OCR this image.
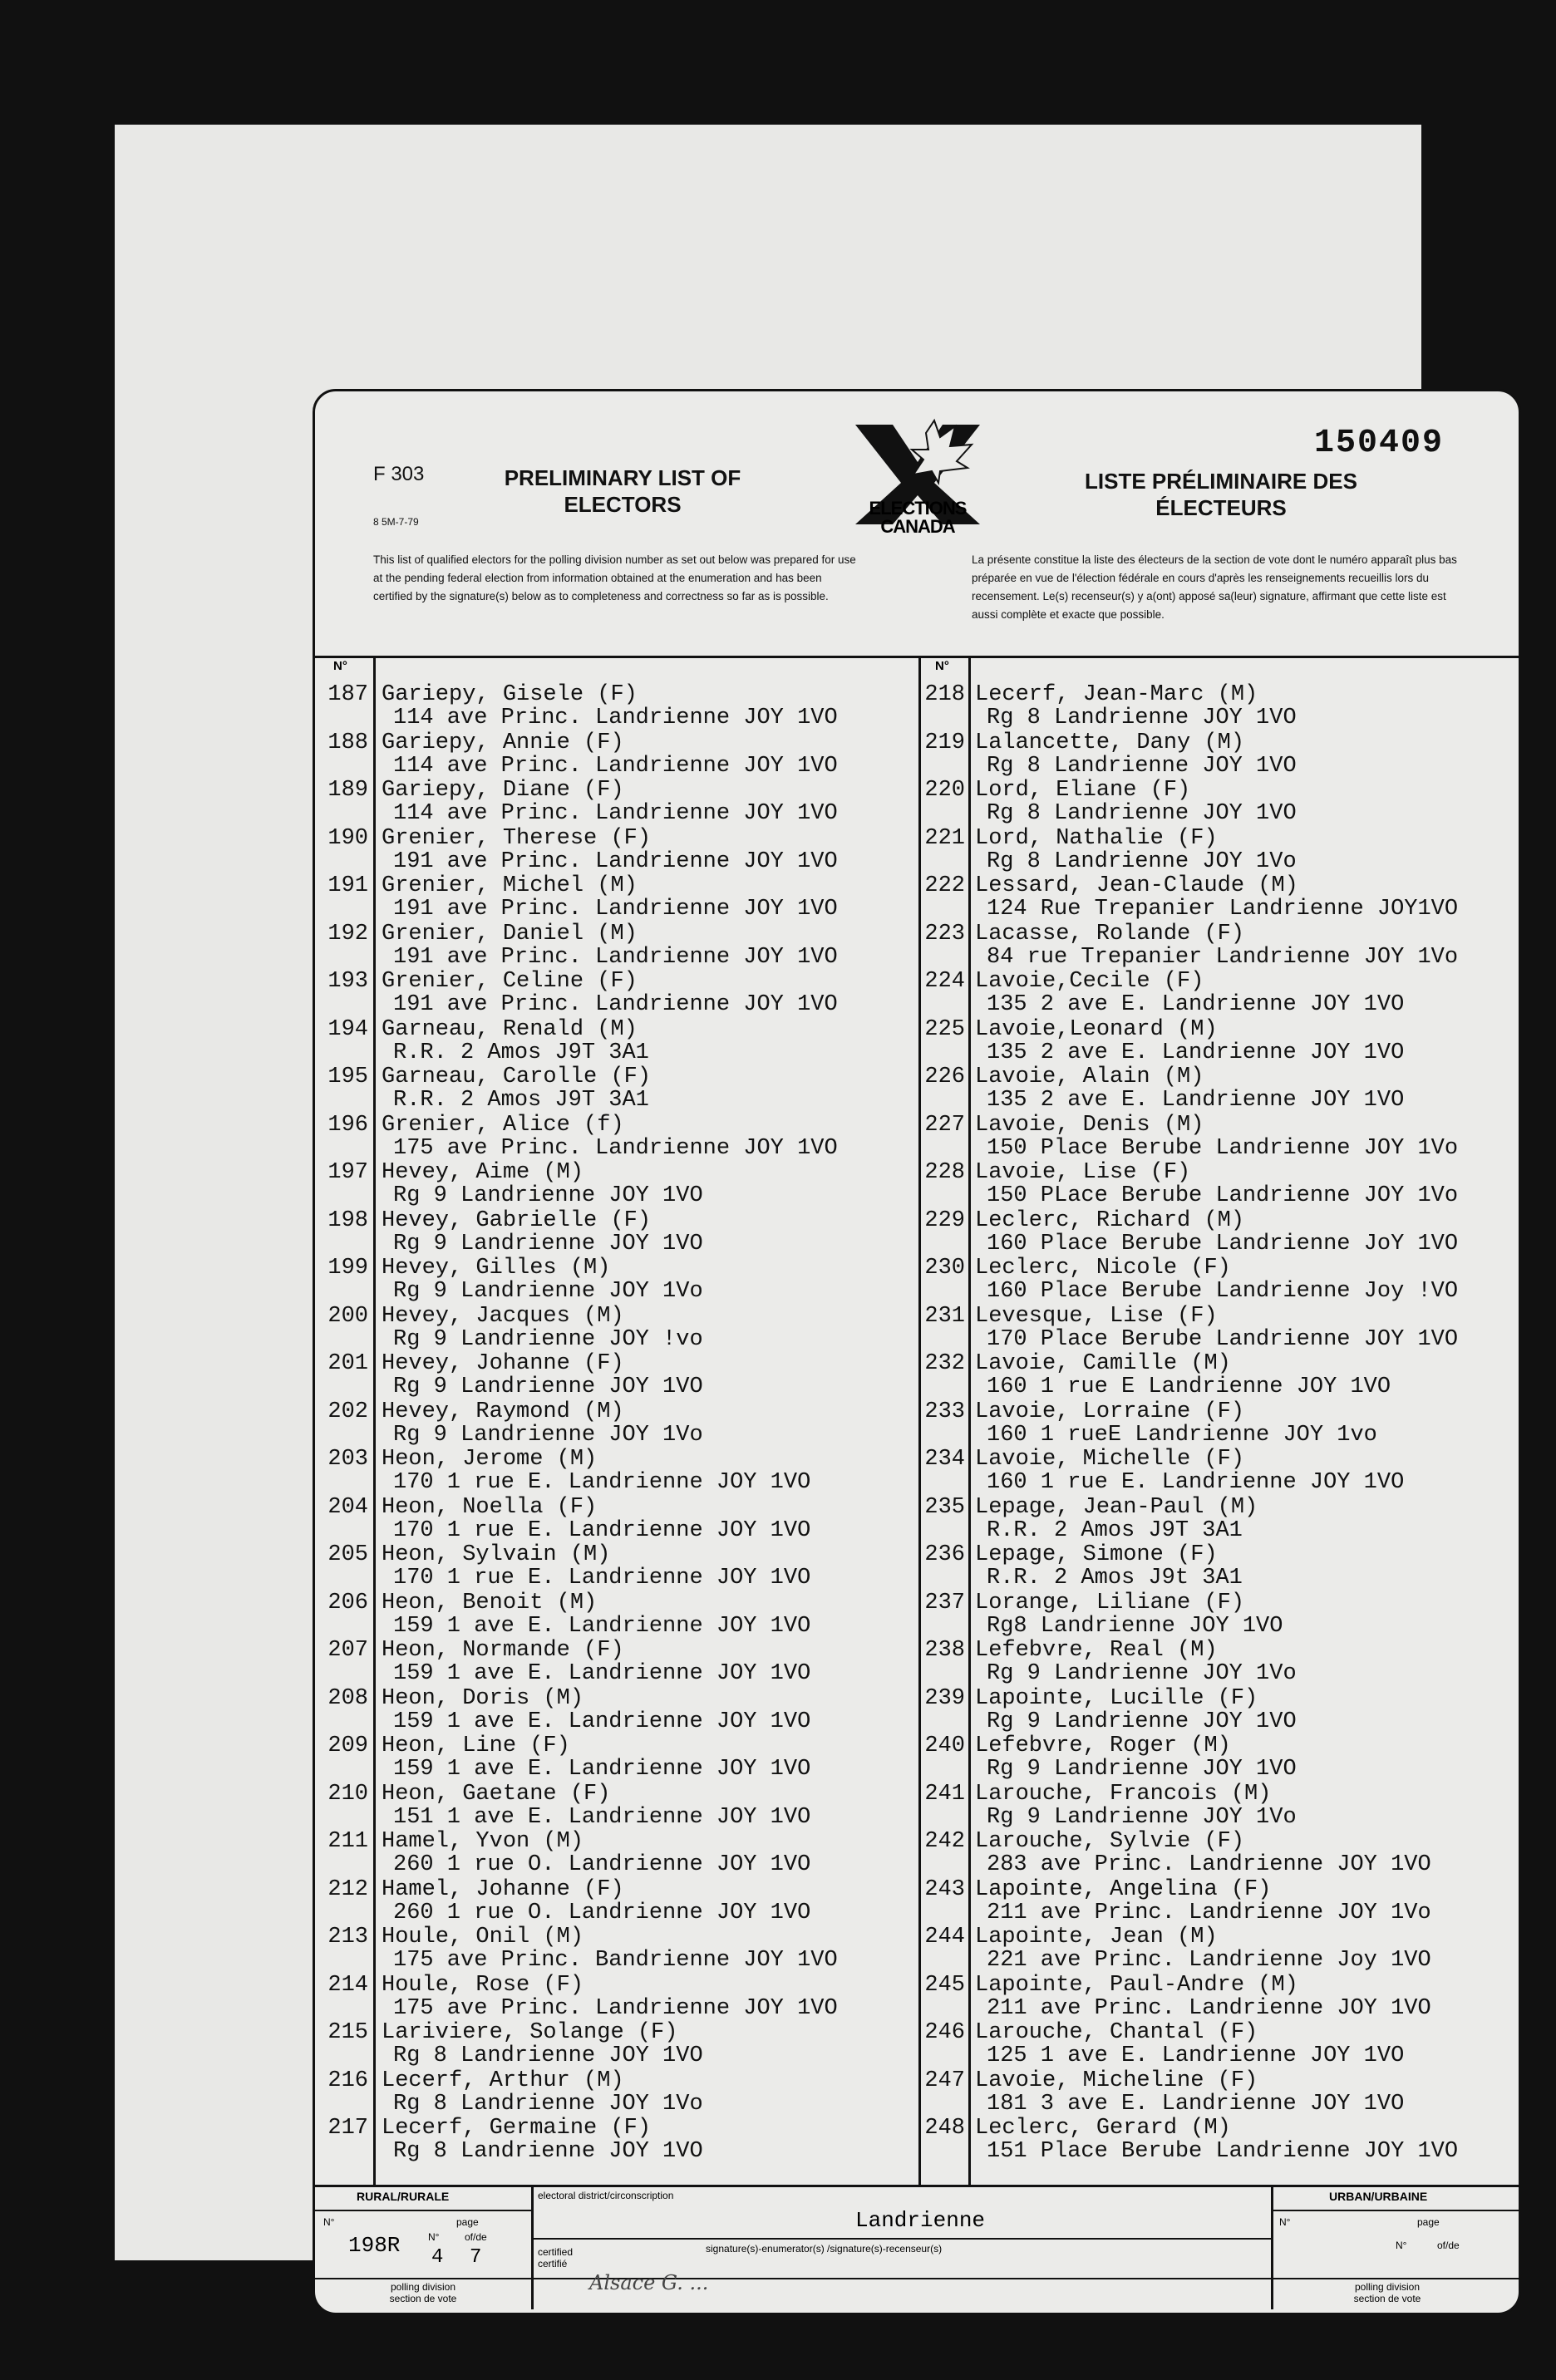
F 303
8 5M-7-79
PRELIMINARY LIST OF ELECTORS
LISTE PRÉLIMINAIRE DES ÉLECTEURS
150409
ELECTIONS
CANADA
This list of qualified electors for the polling division number as set out below was prepared for use at the pending federal election from information obtained at the enumeration and has been certified by the signature(s) below as to completeness and correctness so far as is possible.
La présente constitue la liste des électeurs de la section de vote dont le numéro apparaît plus bas préparée en vue de l'élection fédérale en cours d'après les renseignements recueillis lors du recensement. Le(s) recenseur(s) y a(ont) apposé sa(leur) signature, affirmant que cette liste est aussi complète et exacte que possible.
N°	N°
187 Gariepy, Gisele (F)
114 ave Princ. Landrienne JOY 1VO
188 Gariepy, Annie (F)
114 ave Princ. Landrienne JOY 1VO
189 Gariepy, Diane (F)
114 ave Princ. Landrienne JOY 1VO
190 Grenier, Therese (F)
191 ave Princ. Landrienne JOY 1VO
191 Grenier, Michel (M)
191 ave Princ. Landrienne JOY 1VO
192 Grenier, Daniel (M)
191 ave Princ. Landrienne JOY 1VO
193 Grenier, Celine (F)
191 ave Princ. Landrienne JOY 1VO
194 Garneau, Renald (M)
R.R. 2 Amos J9T 3A1
195 Garneau, Carolle (F)
R.R. 2 Amos J9T 3A1
196 Grenier, Alice (f)
175 ave Princ. Landrienne JOY 1VO
197 Hevey, Aime (M)
Rg 9 Landrienne JOY 1VO
198 Hevey, Gabrielle (F)
Rg 9 Landrienne JOY 1VO
199 Hevey, Gilles (M)
Rg 9 Landrienne JOY 1Vo
200 Hevey, Jacques (M)
Rg 9 Landrienne JOY !vo
201 Hevey, Johanne (F)
Rg 9 Landrienne JOY 1VO
202 Hevey, Raymond (M)
Rg 9 Landrienne JOY 1Vo
203 Heon, Jerome (M)
170 1 rue E. Landrienne JOY 1VO
204 Heon, Noella (F)
170 1 rue E. Landrienne JOY 1VO
205 Heon, Sylvain (M)
170 1 rue E. Landrienne JOY 1VO
206 Heon, Benoit (M)
159 1 ave E. Landrienne JOY 1VO
207 Heon, Normande (F)
159 1 ave E. Landrienne JOY 1VO
208 Heon, Doris (M)
159 1 ave E. Landrienne JOY 1VO
209 Heon, Line (F)
159 1 ave E. Landrienne JOY 1VO
210 Heon, Gaetane (F)
151 1 ave E. Landrienne JOY 1VO
211 Hamel, Yvon (M)
260 1 rue O. Landrienne JOY 1VO
212 Hamel, Johanne (F)
260 1 rue O. Landrienne JOY 1VO
213 Houle, Onil (M)
175 ave Princ. Bandrienne JOY 1VO
214 Houle, Rose (F)
175 ave Princ. Landrienne JOY 1VO
215 Lariviere, Solange (F)
Rg 8 Landrienne JOY 1VO
216 Lecerf, Arthur (M)
Rg 8 Landrienne JOY 1Vo
217 Lecerf, Germaine (F)
Rg 8 Landrienne JOY 1VO
218 Lecerf, Jean-Marc (M)
Rg 8 Landrienne JOY 1VO
219 Lalancette, Dany (M)
Rg 8 Landrienne JOY 1VO
220 Lord, Eliane (F)
Rg 8 Landrienne JOY 1VO
221 Lord, Nathalie (F)
Rg 8 Landrienne JOY 1Vo
222 Lessard, Jean-Claude (M)
124 Rue Trepanier Landrienne JOY1VO
223 Lacasse, Rolande (F)
84 rue Trepanier Landrienne JOY 1Vo
224 Lavoie,Cecile (F)
135 2 ave E. Landrienne JOY 1VO
225 Lavoie,Leonard (M)
135 2 ave E. Landrienne JOY 1VO
226 Lavoie, Alain (M)
135 2 ave E. Landrienne JOY 1VO
227 Lavoie, Denis (M)
150 Place Berube Landrienne JOY 1Vo
228 Lavoie, Lise (F)
150 PLace Berube Landrienne JOY 1Vo
229 Leclerc, Richard (M)
160 Place Berube Landrienne JoY 1VO
230 Leclerc, Nicole (F)
160 Place Berube Landrienne Joy !VO
231 Levesque, Lise (F)
170 Place Berube Landrienne JOY 1VO
232 Lavoie, Camille (M)
160 1 rue E Landrienne JOY 1VO
233 Lavoie, Lorraine (F)
160 1 rueE Landrienne JOY 1vo
234 Lavoie, Michelle (F)
160 1 rue E. Landrienne JOY 1VO
235 Lepage, Jean-Paul (M)
R.R. 2 Amos J9T 3A1
236 Lepage, Simone (F)
R.R. 2 Amos J9t 3A1
237 Lorange, Liliane (F)
Rg8 Landrienne JOY 1VO
238 Lefebvre, Real (M)
Rg 9 Landrienne JOY 1Vo
239 Lapointe, Lucille (F)
Rg 9 Landrienne JOY 1VO
240 Lefebvre, Roger (M)
Rg 9 Landrienne JOY 1VO
241 Larouche, Francois (M)
Rg 9 Landrienne JOY 1Vo
242 Larouche, Sylvie (F)
283 ave Princ. Landrienne JOY 1VO
243 Lapointe, Angelina (F)
211 ave Princ. Landrienne JOY 1Vo
244 Lapointe, Jean (M)
221 ave Princ. Landrienne Joy 1VO
245 Lapointe, Paul-Andre (M)
211 ave Princ. Landrienne JOY 1VO
246 Larouche, Chantal (F)
125 1 ave E. Landrienne JOY 1VO
247 Lavoie, Micheline (F)
181 3 ave E. Landrienne JOY 1VO
248 Leclerc, Gerard (M)
151 Place Berube Landrienne JOY 1VO
RURAL/RURALE
N°	page
198R	N°	of/de
4 7
polling division
section de vote
electoral district/circonscription
Landrienne
certified
certifié
signature(s)-enumerator(s) /signature(s)-recenseur(s)
Alsace G. ...
URBAN/URBAINE
N°	page
N°	of/de
polling division
section de vote
